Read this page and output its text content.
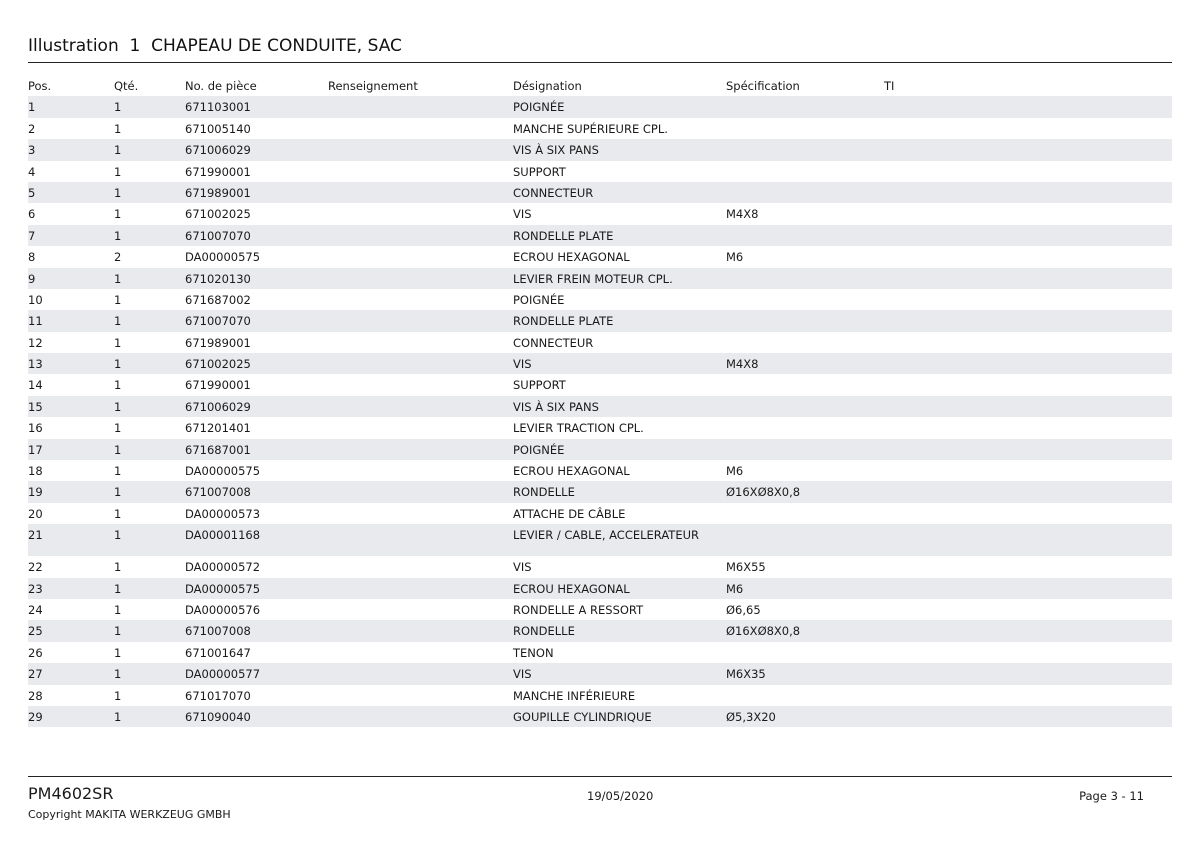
Illustration  1  CHAPEAU DE CONDUITE, SAC
Pos.	Qté.	No. de pièce	Renseignement	Désignation	Spécification	TI
1	1	671103001	POIGNÉE
2	1	671005140	MANCHE SUPÉRIEURE CPL.
3	1	671006029	VIS À SIX PANS
4	1	671990001	SUPPORT
5	1	671989001	CONNECTEUR
6	1	671002025	VIS	M4X8
7	1	671007070	RONDELLE PLATE
8	2	DA00000575	ECROU HEXAGONAL	M6
9	1	671020130	LEVIER FREIN MOTEUR CPL.
10	1	671687002	POIGNÉE
11	1	671007070	RONDELLE PLATE
12	1	671989001	CONNECTEUR
13	1	671002025	VIS	M4X8
14	1	671990001	SUPPORT
15	1	671006029	VIS À SIX PANS
16	1	671201401	LEVIER TRACTION CPL.
17	1	671687001	POIGNÉE
18	1	DA00000575	ECROU HEXAGONAL	M6
19	1	671007008	RONDELLE	Ø16XØ8X0,8
20	1	DA00000573	ATTACHE DE CÂBLE
21	1	DA00001168	LEVIER / CABLE, ACCELERATEUR
22	1	DA00000572	VIS	M6X55
23	1	DA00000575	ECROU HEXAGONAL	M6
24	1	DA00000576	RONDELLE A RESSORT	Ø6,65
25	1	671007008	RONDELLE	Ø16XØ8X0,8
26	1	671001647	TENON
27	1	DA00000577	VIS	M6X35
28	1	671017070	MANCHE INFÉRIEURE
29	1	671090040	GOUPILLE CYLINDRIQUE	Ø5,3X20
PM4602SR
Copyright MAKITA WERKZEUG GMBH
19/05/2020	Page 3 - 11
